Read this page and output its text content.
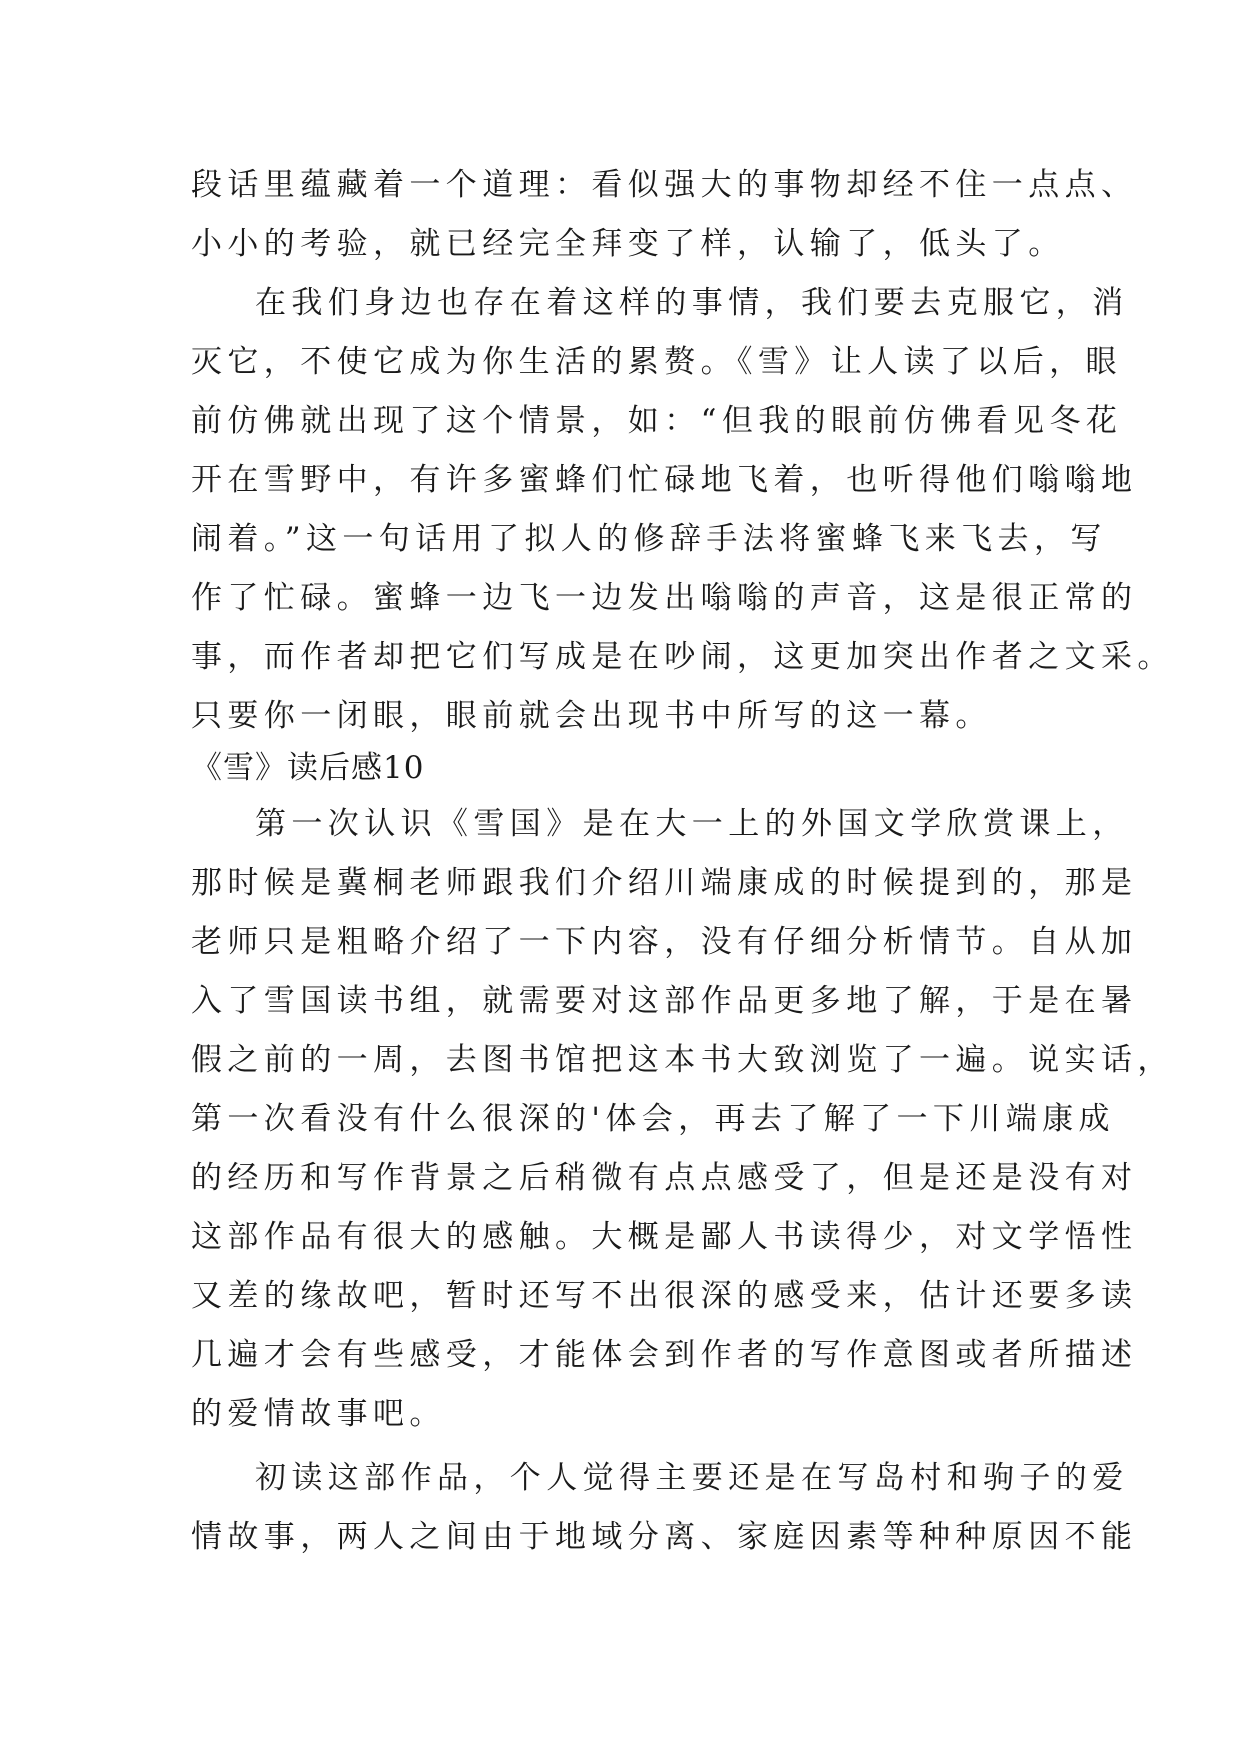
段话里蕴藏着一个道理：看似强大的事物却经不住一点点、
小小的考验，就已经完全拜变了样，认输了，低头了。
在我们身边也存在着这样的事情，我们要去克服它，消
灭它，不使它成为你生活的累赘。《雪》让人读了以后，眼
前仿佛就出现了这个情景，如：“但我的眼前仿佛看见冬花
开在雪野中，有许多蜜蜂们忙碌地飞着，也听得他们嗡嗡地
闹着。”这一句话用了拟人的修辞手法将蜜蜂飞来飞去，写
作了忙碌。蜜蜂一边飞一边发出嗡嗡的声音，这是很正常的
事，而作者却把它们写成是在吵闹，这更加突出作者之文采。
只要你一闭眼，眼前就会出现书中所写的这一幕。
《雪》读后感10
第一次认识《雪国》是在大一上的外国文学欣赏课上，
那时候是冀桐老师跟我们介绍川端康成的时候提到的，那是
老师只是粗略介绍了一下内容，没有仔细分析情节。自从加
入了雪国读书组，就需要对这部作品更多地了解，于是在暑
假之前的一周，去图书馆把这本书大致浏览了一遍。说实话，
第一次看没有什么很深的'体会，再去了解了一下川端康成
的经历和写作背景之后稍微有点点感受了，但是还是没有对
这部作品有很大的感触。大概是鄙人书读得少，对文学悟性
又差的缘故吧，暂时还写不出很深的感受来，估计还要多读
几遍才会有些感受，才能体会到作者的写作意图或者所描述
的爱情故事吧。
初读这部作品，个人觉得主要还是在写岛村和驹子的爱
情故事，两人之间由于地域分离、家庭因素等种种原因不能
